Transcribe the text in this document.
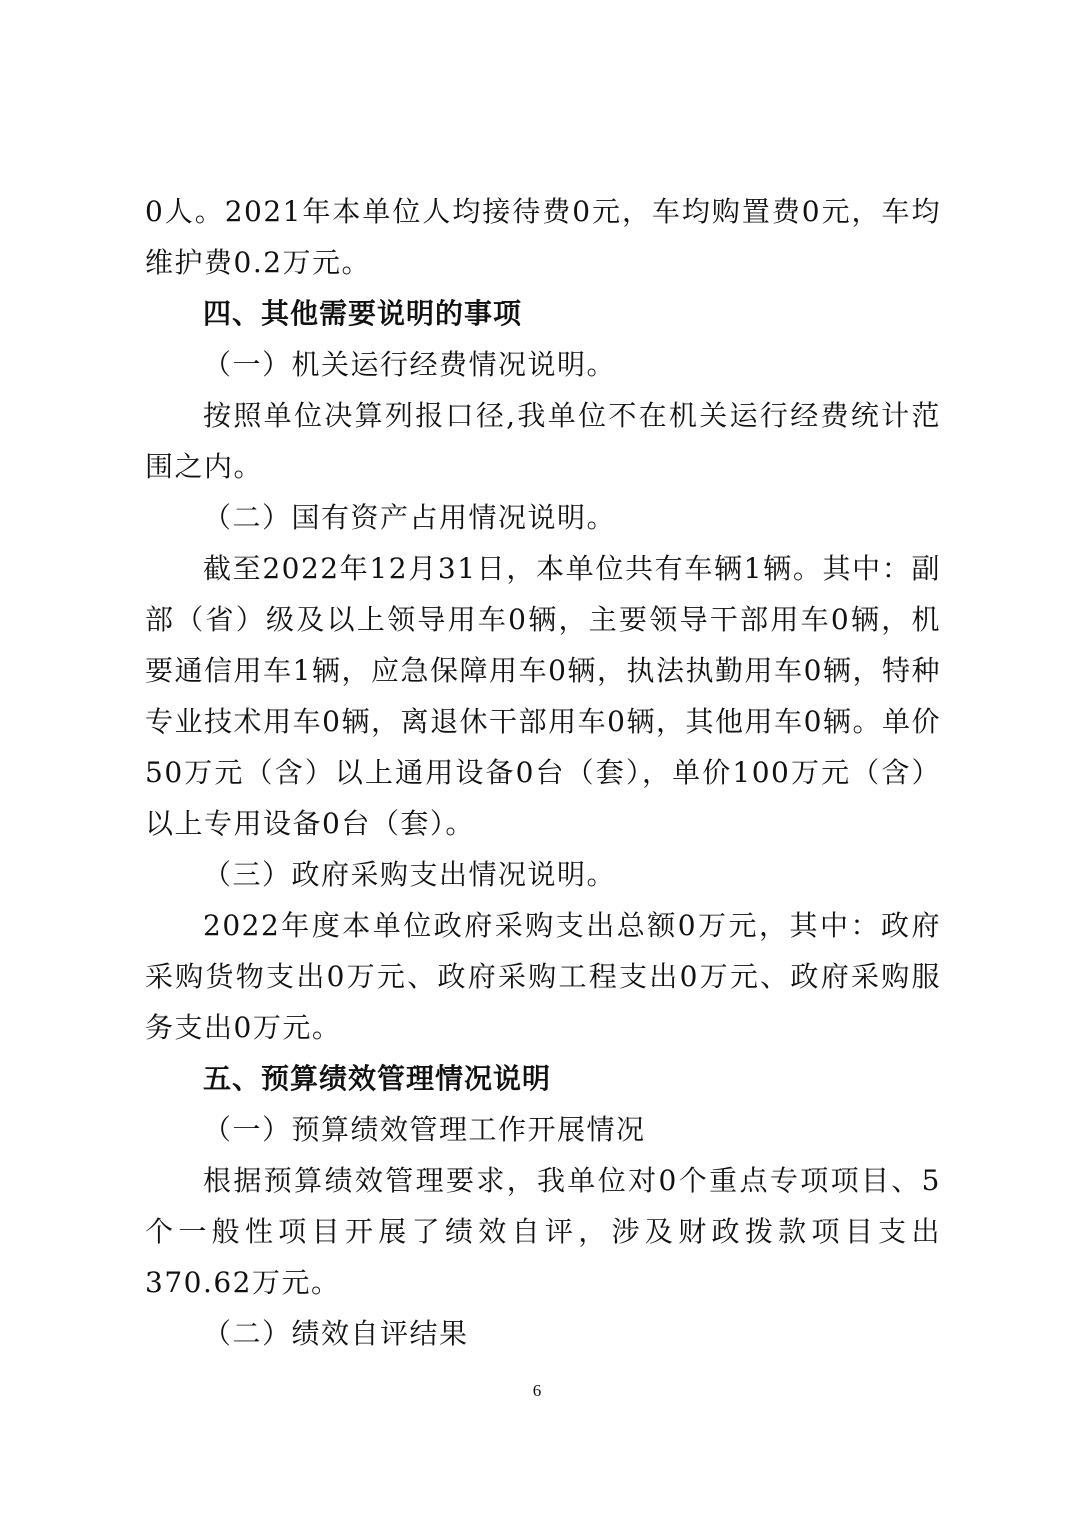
0人。2021年本单位人均接待费0元，车均购置费0元，车均维护费0.2万元。

四、其他需要说明的事项

（一）机关运行经费情况说明。

按照单位决算列报口径,我单位不在机关运行经费统计范围之内。

（二）国有资产占用情况说明。

截至2022年12月31日，本单位共有车辆1辆。其中：副部（省）级及以上领导用车0辆，主要领导干部用车0辆，机要通信用车1辆，应急保障用车0辆，执法执勤用车0辆，特种专业技术用车0辆，离退休干部用车0辆，其他用车0辆。单价50万元（含）以上通用设备0台（套），单价100万元（含）以上专用设备0台（套）。

（三）政府采购支出情况说明。

2022年度本单位政府采购支出总额0万元，其中：政府采购货物支出0万元、政府采购工程支出0万元、政府采购服务支出0万元。

五、预算绩效管理情况说明

（一）预算绩效管理工作开展情况

根据预算绩效管理要求，我单位对0个重点专项项目、5个一般性项目开展了绩效自评，涉及财政拨款项目支出370.62万元。

（二）绩效自评结果

6
